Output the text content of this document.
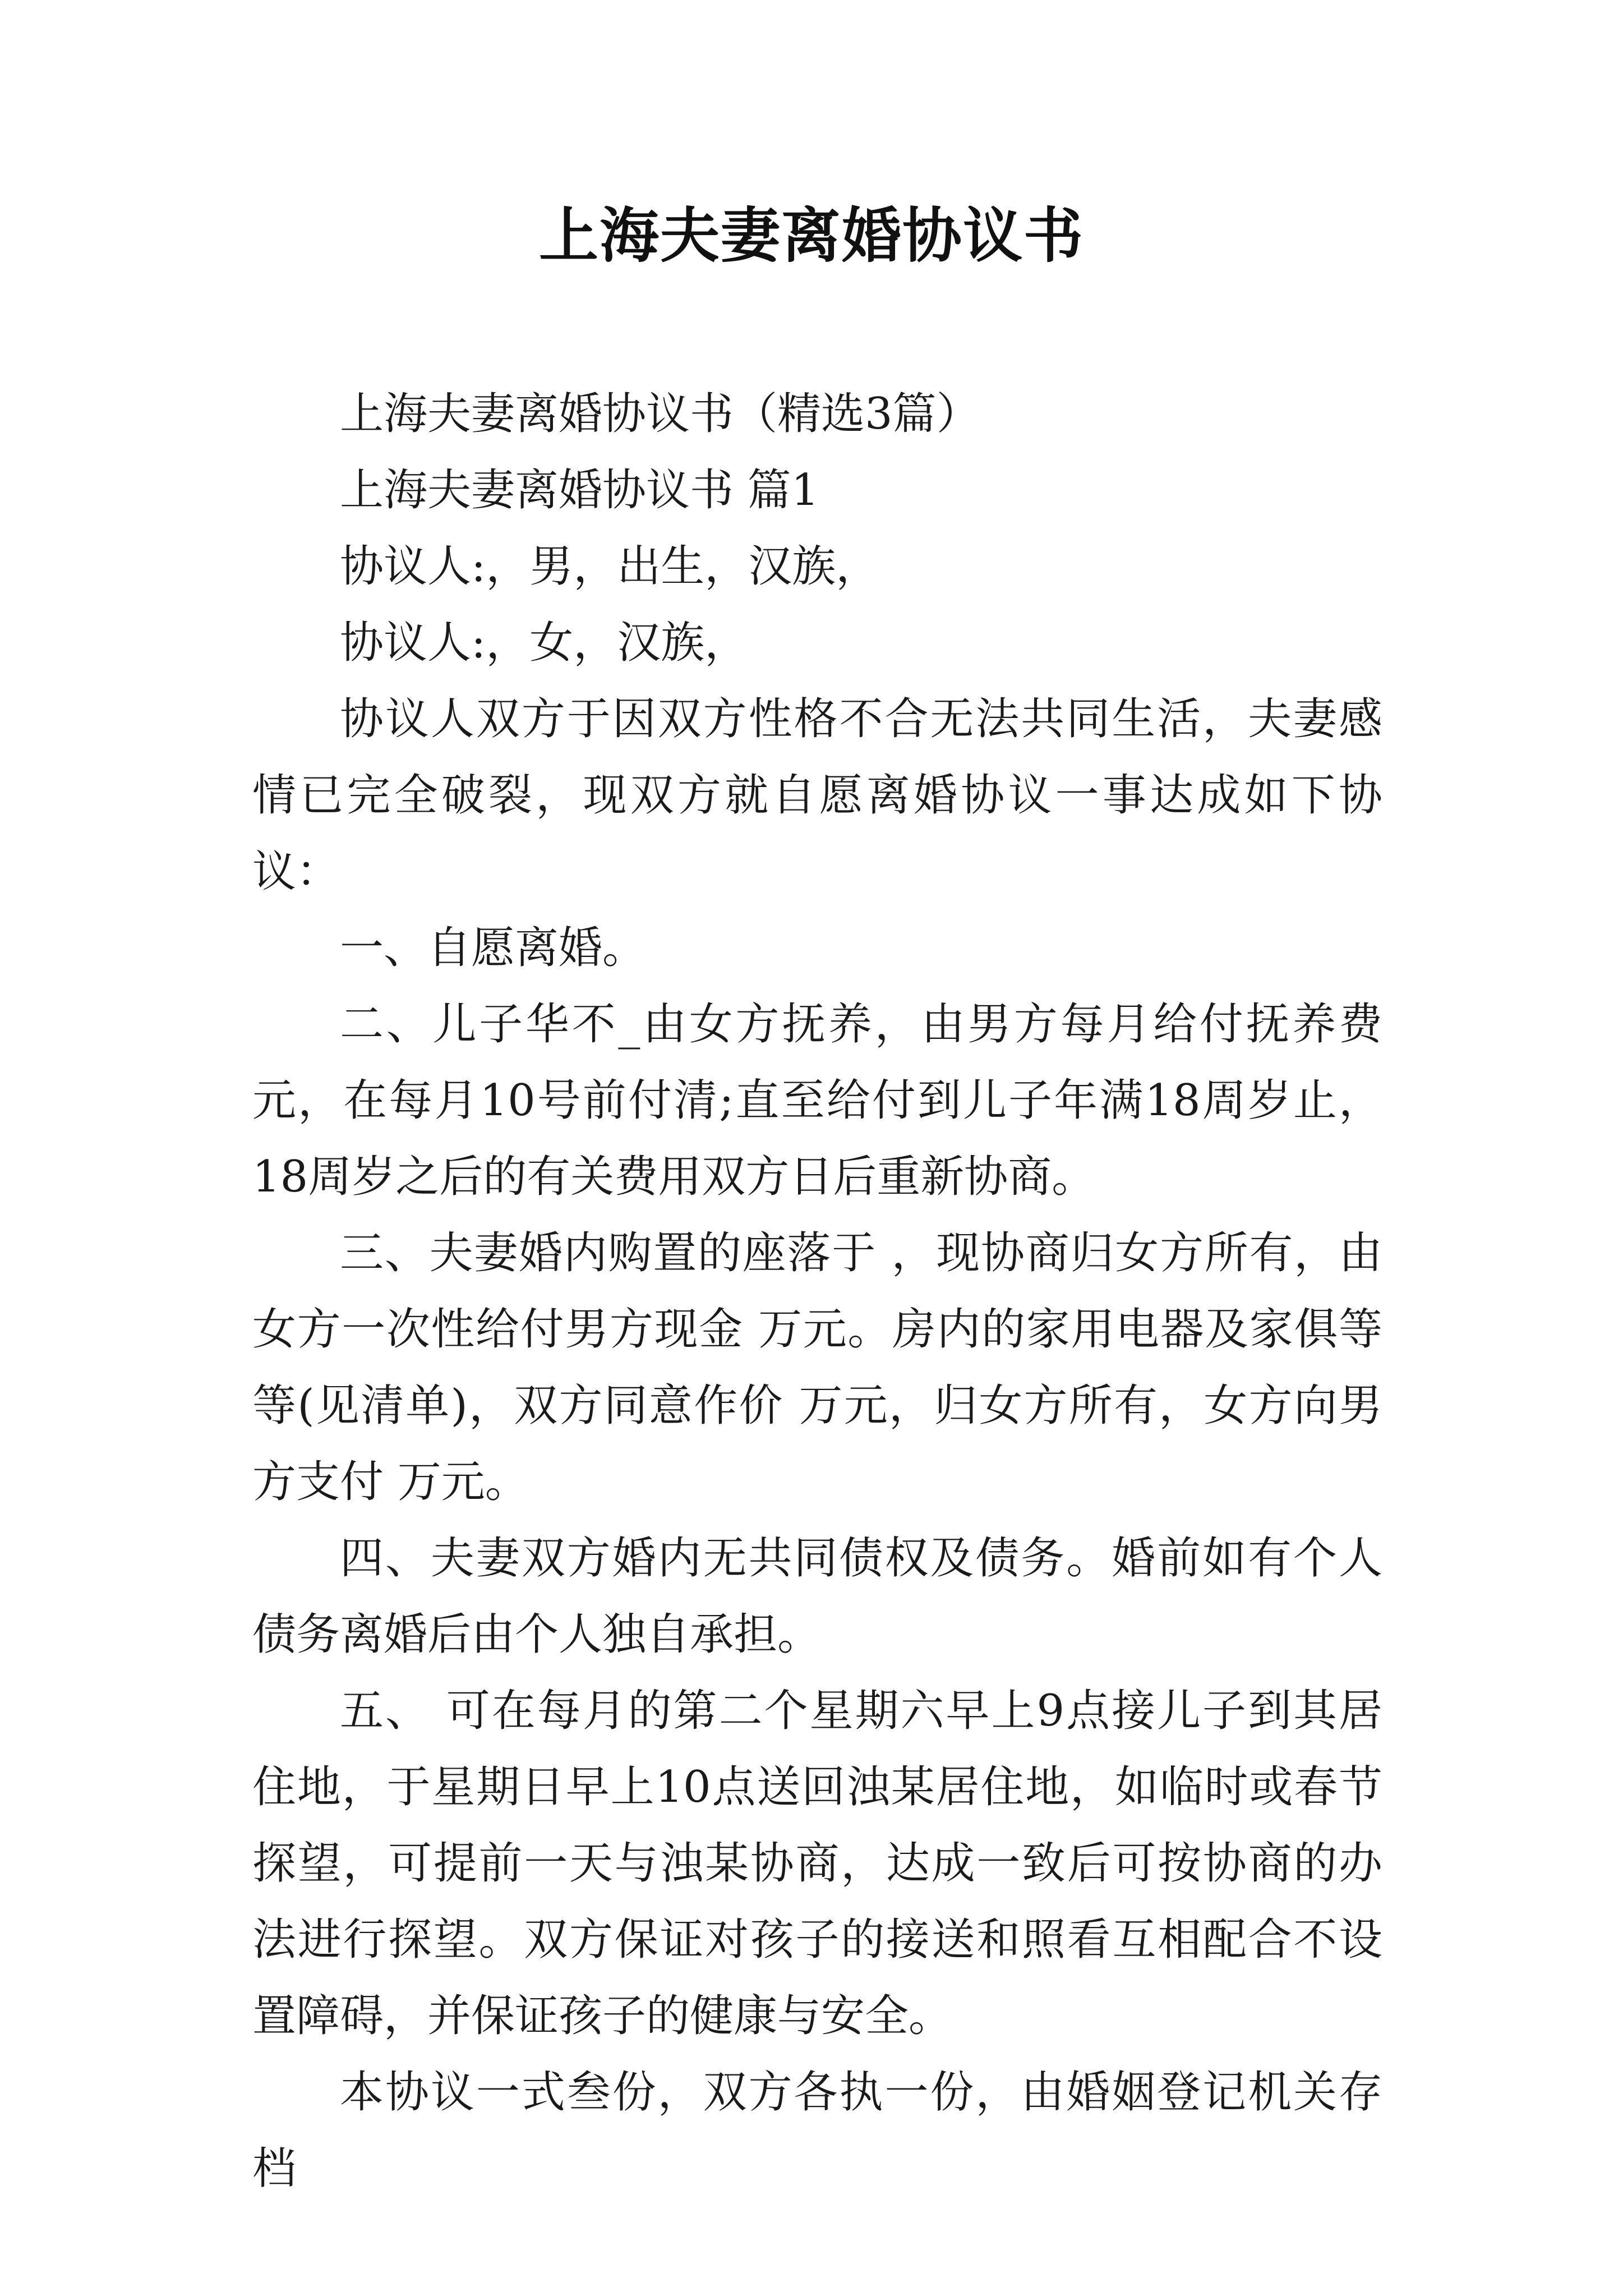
上海夫妻离婚协议书

上海夫妻离婚协议书（精选3篇）

上海夫妻离婚协议书 篇1

协议人:，男，出生，汉族，

协议人:，女，汉族，

协议人双方于因双方性格不合无法共同生活，夫妻感情已完全破裂，现双方就自愿离婚协议一事达成如下协议：

一、自愿离婚。

二、儿子华不_由女方抚养，由男方每月给付抚养费 元，在每月10号前付清;直至给付到儿子年满18周岁止，18周岁之后的有关费用双方日后重新协商。

三、夫妻婚内购置的座落于 ，现协商归女方所有，由女方一次性给付男方现金 万元。房内的家用电器及家俱等等(见清单)，双方同意作价 万元，归女方所有，女方向男方支付 万元。

四、夫妻双方婚内无共同债权及债务。婚前如有个人债务离婚后由个人独自承担。

五、 可在每月的第二个星期六早上9点接儿子到其居住地，于星期日早上10点送回浊某居住地，如临时或春节探望，可提前一天与浊某协商，达成一致后可按协商的办法进行探望。双方保证对孩子的接送和照看互相配合不设置障碍，并保证孩子的健康与安全。

本协议一式叁份，双方各执一份，由婚姻登记机关存档
